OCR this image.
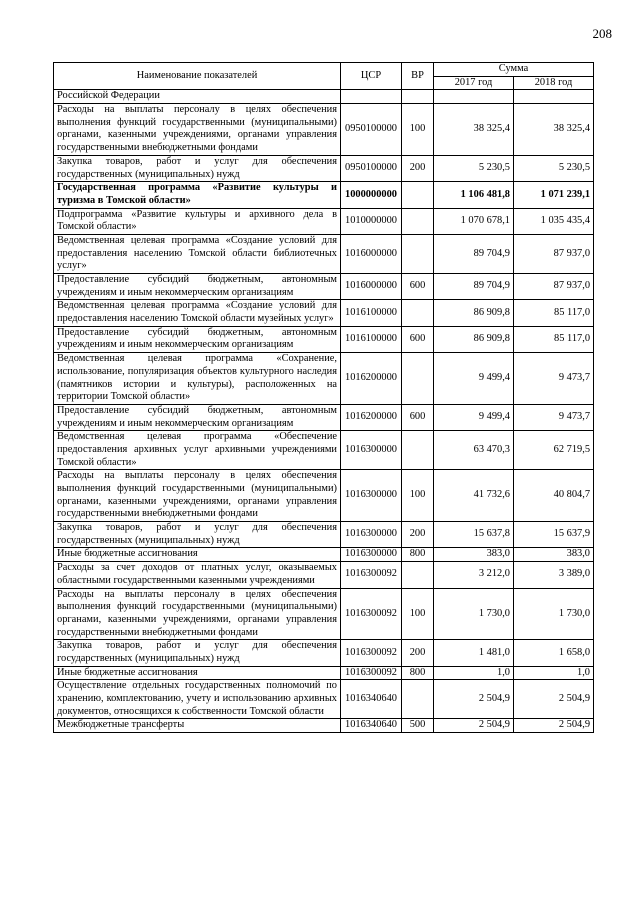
208
Наименование показателей	ЦСР	ВР	Сумма	
			2017 год	2018 год
Российской Федерации				
Расходы на выплаты персоналу в целях обеспечения выполнения функций государственными (муниципальными) органами, казенными учреждениями, органами управления государственными внебюджетными фондами	0950100000	100	38 325,4	38 325,4
Закупка товаров, работ и услуг для обеспечения государственных (муниципальных) нужд	0950100000	200	5 230,5	5 230,5
Государственная программа «Развитие культуры и туризма в Томской области»	1000000000		1 106 481,8	1 071 239,1
Подпрограмма «Развитие культуры и архивного дела в Томской области»	1010000000		1 070 678,1	1 035 435,4
Ведомственная целевая программа «Создание условий для предоставления населению Томской области библиотечных услуг»	1016000000		89 704,9	87 937,0
Предоставление субсидий бюджетным, автономным учреждениям и иным некоммерческим организациям	1016000000	600	89 704,9	87 937,0
Ведомственная целевая программа «Создание условий для предоставления населению Томской области музейных услуг»	1016100000		86 909,8	85 117,0
Предоставление субсидий бюджетным, автономным учреждениям и иным некоммерческим организациям	1016100000	600	86 909,8	85 117,0
Ведомственная целевая программа «Сохранение, использование, популяризация объектов культурного наследия (памятников истории и культуры), расположенных на территории Томской области»	1016200000		9 499,4	9 473,7
Предоставление субсидий бюджетным, автономным учреждениям и иным некоммерческим организациям	1016200000	600	9 499,4	9 473,7
Ведомственная целевая программа «Обеспечение предоставления архивных услуг архивными учреждениями Томской области»	1016300000		63 470,3	62 719,5
Расходы на выплаты персоналу в целях обеспечения выполнения функций государственными (муниципальными) органами, казенными учреждениями, органами управления государственными внебюджетными фондами	1016300000	100	41 732,6	40 804,7
Закупка товаров, работ и услуг для обеспечения государственных (муниципальных) нужд	1016300000	200	15 637,8	15 637,9
Иные бюджетные ассигнования	1016300000	800	383,0	383,0
Расходы за счет доходов от платных услуг, оказываемых областными государственными казенными учреждениями	1016300092		3 212,0	3 389,0
Расходы на выплаты персоналу в целях обеспечения выполнения функций государственными (муниципальными) органами, казенными учреждениями, органами управления государственными внебюджетными фондами	1016300092	100	1 730,0	1 730,0
Закупка товаров, работ и услуг для обеспечения государственных (муниципальных) нужд	1016300092	200	1 481,0	1 658,0
Иные бюджетные ассигнования	1016300092	800	1,0	1,0
Осуществление отдельных государственных полномочий по хранению, комплектованию, учету и использованию архивных документов, относящихся к собственности Томской области	1016340640		2 504,9	2 504,9
Межбюджетные трансферты	1016340640	500	2 504,9	2 504,9
